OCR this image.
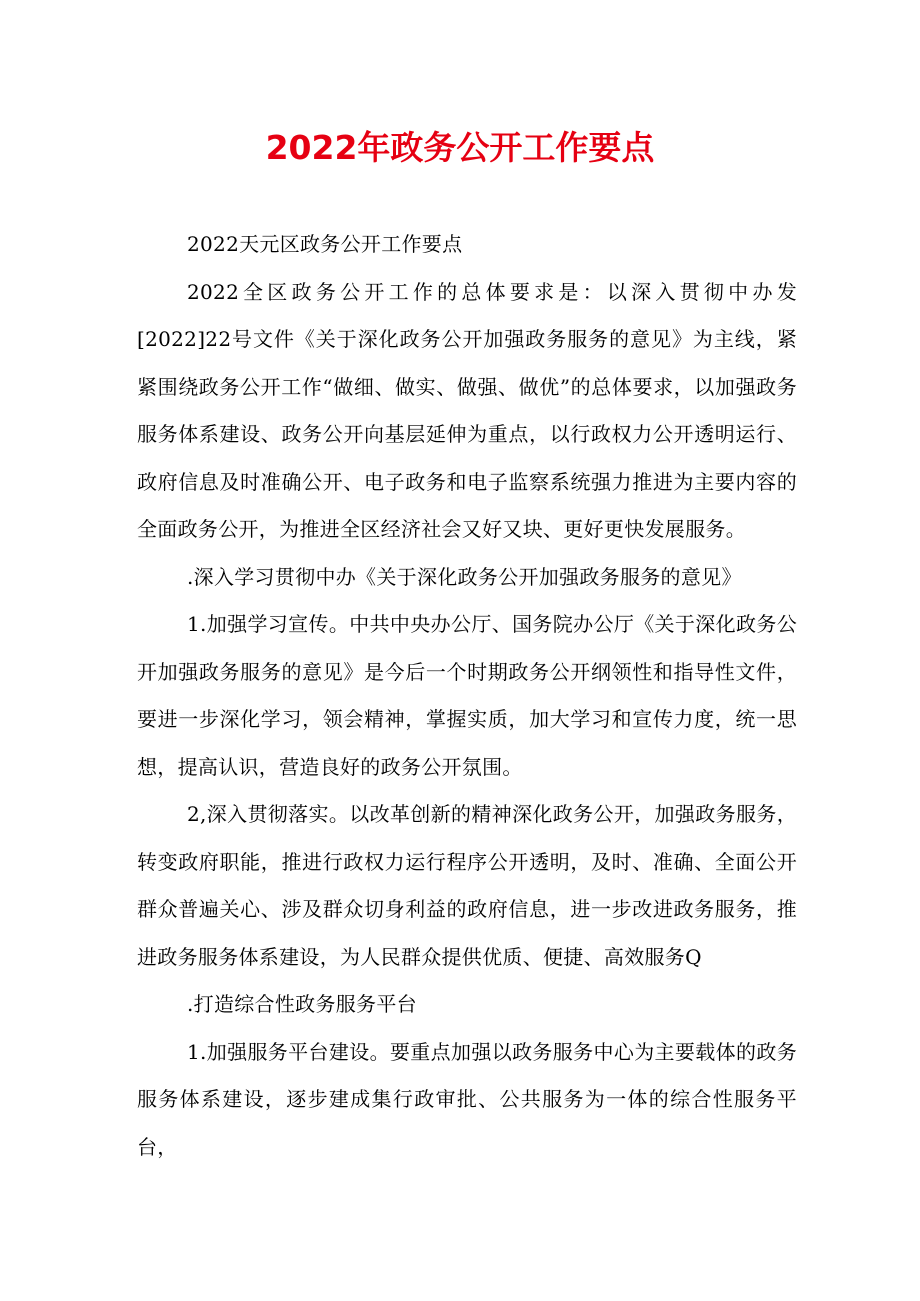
2022年政务公开工作要点

2022天元区政务公开工作要点

2022全区政务公开工作的总体要求是：以深入贯彻中办发[2022]22号文件《关于深化政务公开加强政务服务的意见》为主线，紧紧围绕政务公开工作“做细、做实、做强、做优”的总体要求，以加强政务服务体系建设、政务公开向基层延伸为重点，以行政权力公开透明运行、政府信息及时准确公开、电子政务和电子监察系统强力推进为主要内容的全面政务公开，为推进全区经济社会又好又块、更好更快发展服务。

.深入学习贯彻中办《关于深化政务公开加强政务服务的意见》

1.加强学习宣传。中共中央办公厅、国务院办公厅《关于深化政务公开加强政务服务的意见》是今后一个时期政务公开纲领性和指导性文件，要进一步深化学习，领会精神，掌握实质，加大学习和宣传力度，统一思想，提高认识，营造良好的政务公开氛围。

2,深入贯彻落实。以改革创新的精神深化政务公开，加强政务服务，转变政府职能，推进行政权力运行程序公开透明，及时、准确、全面公开群众普遍关心、涉及群众切身利益的政府信息，进一步改进政务服务，推进政务服务体系建设，为人民群众提供优质、便捷、高效服务Q

.打造综合性政务服务平台

1.加强服务平台建设。要重点加强以政务服务中心为主要载体的政务服务体系建设，逐步建成集行政审批、公共服务为一体的综合性服务平台，
